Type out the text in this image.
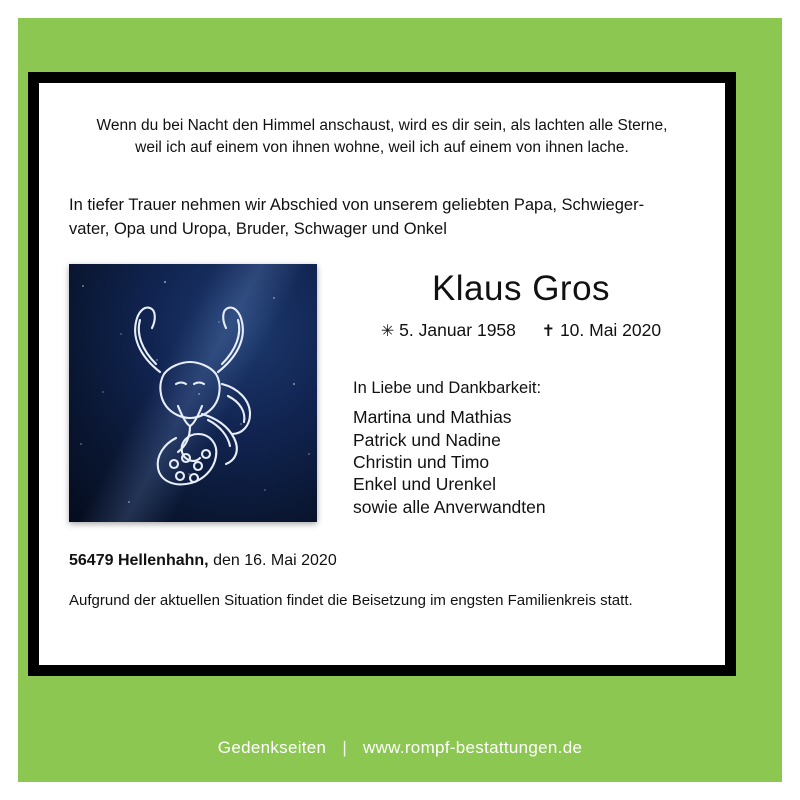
Wenn du bei Nacht den Himmel anschaust, wird es dir sein, als lachten alle Sterne,
weil ich auf einem von ihnen wohne, weil ich auf einem von ihnen lache.
In tiefer Trauer nehmen wir Abschied von unserem geliebten Papa, Schwieger-
vater, Opa und Uropa, Bruder, Schwager und Onkel
Klaus Gros
✳ 5. Januar 1958 ✝ 10. Mai 2020
In Liebe und Dankbarkeit:
Martina und Mathias
Patrick und Nadine
Christin und Timo
Enkel und Urenkel
sowie alle Anverwandten
56479 Hellenhahn, den 16. Mai 2020
Aufgrund der aktuellen Situation findet die Beisetzung im engsten Familienkreis statt.
Gedenkseiten | www.rompf-bestattungen.de
